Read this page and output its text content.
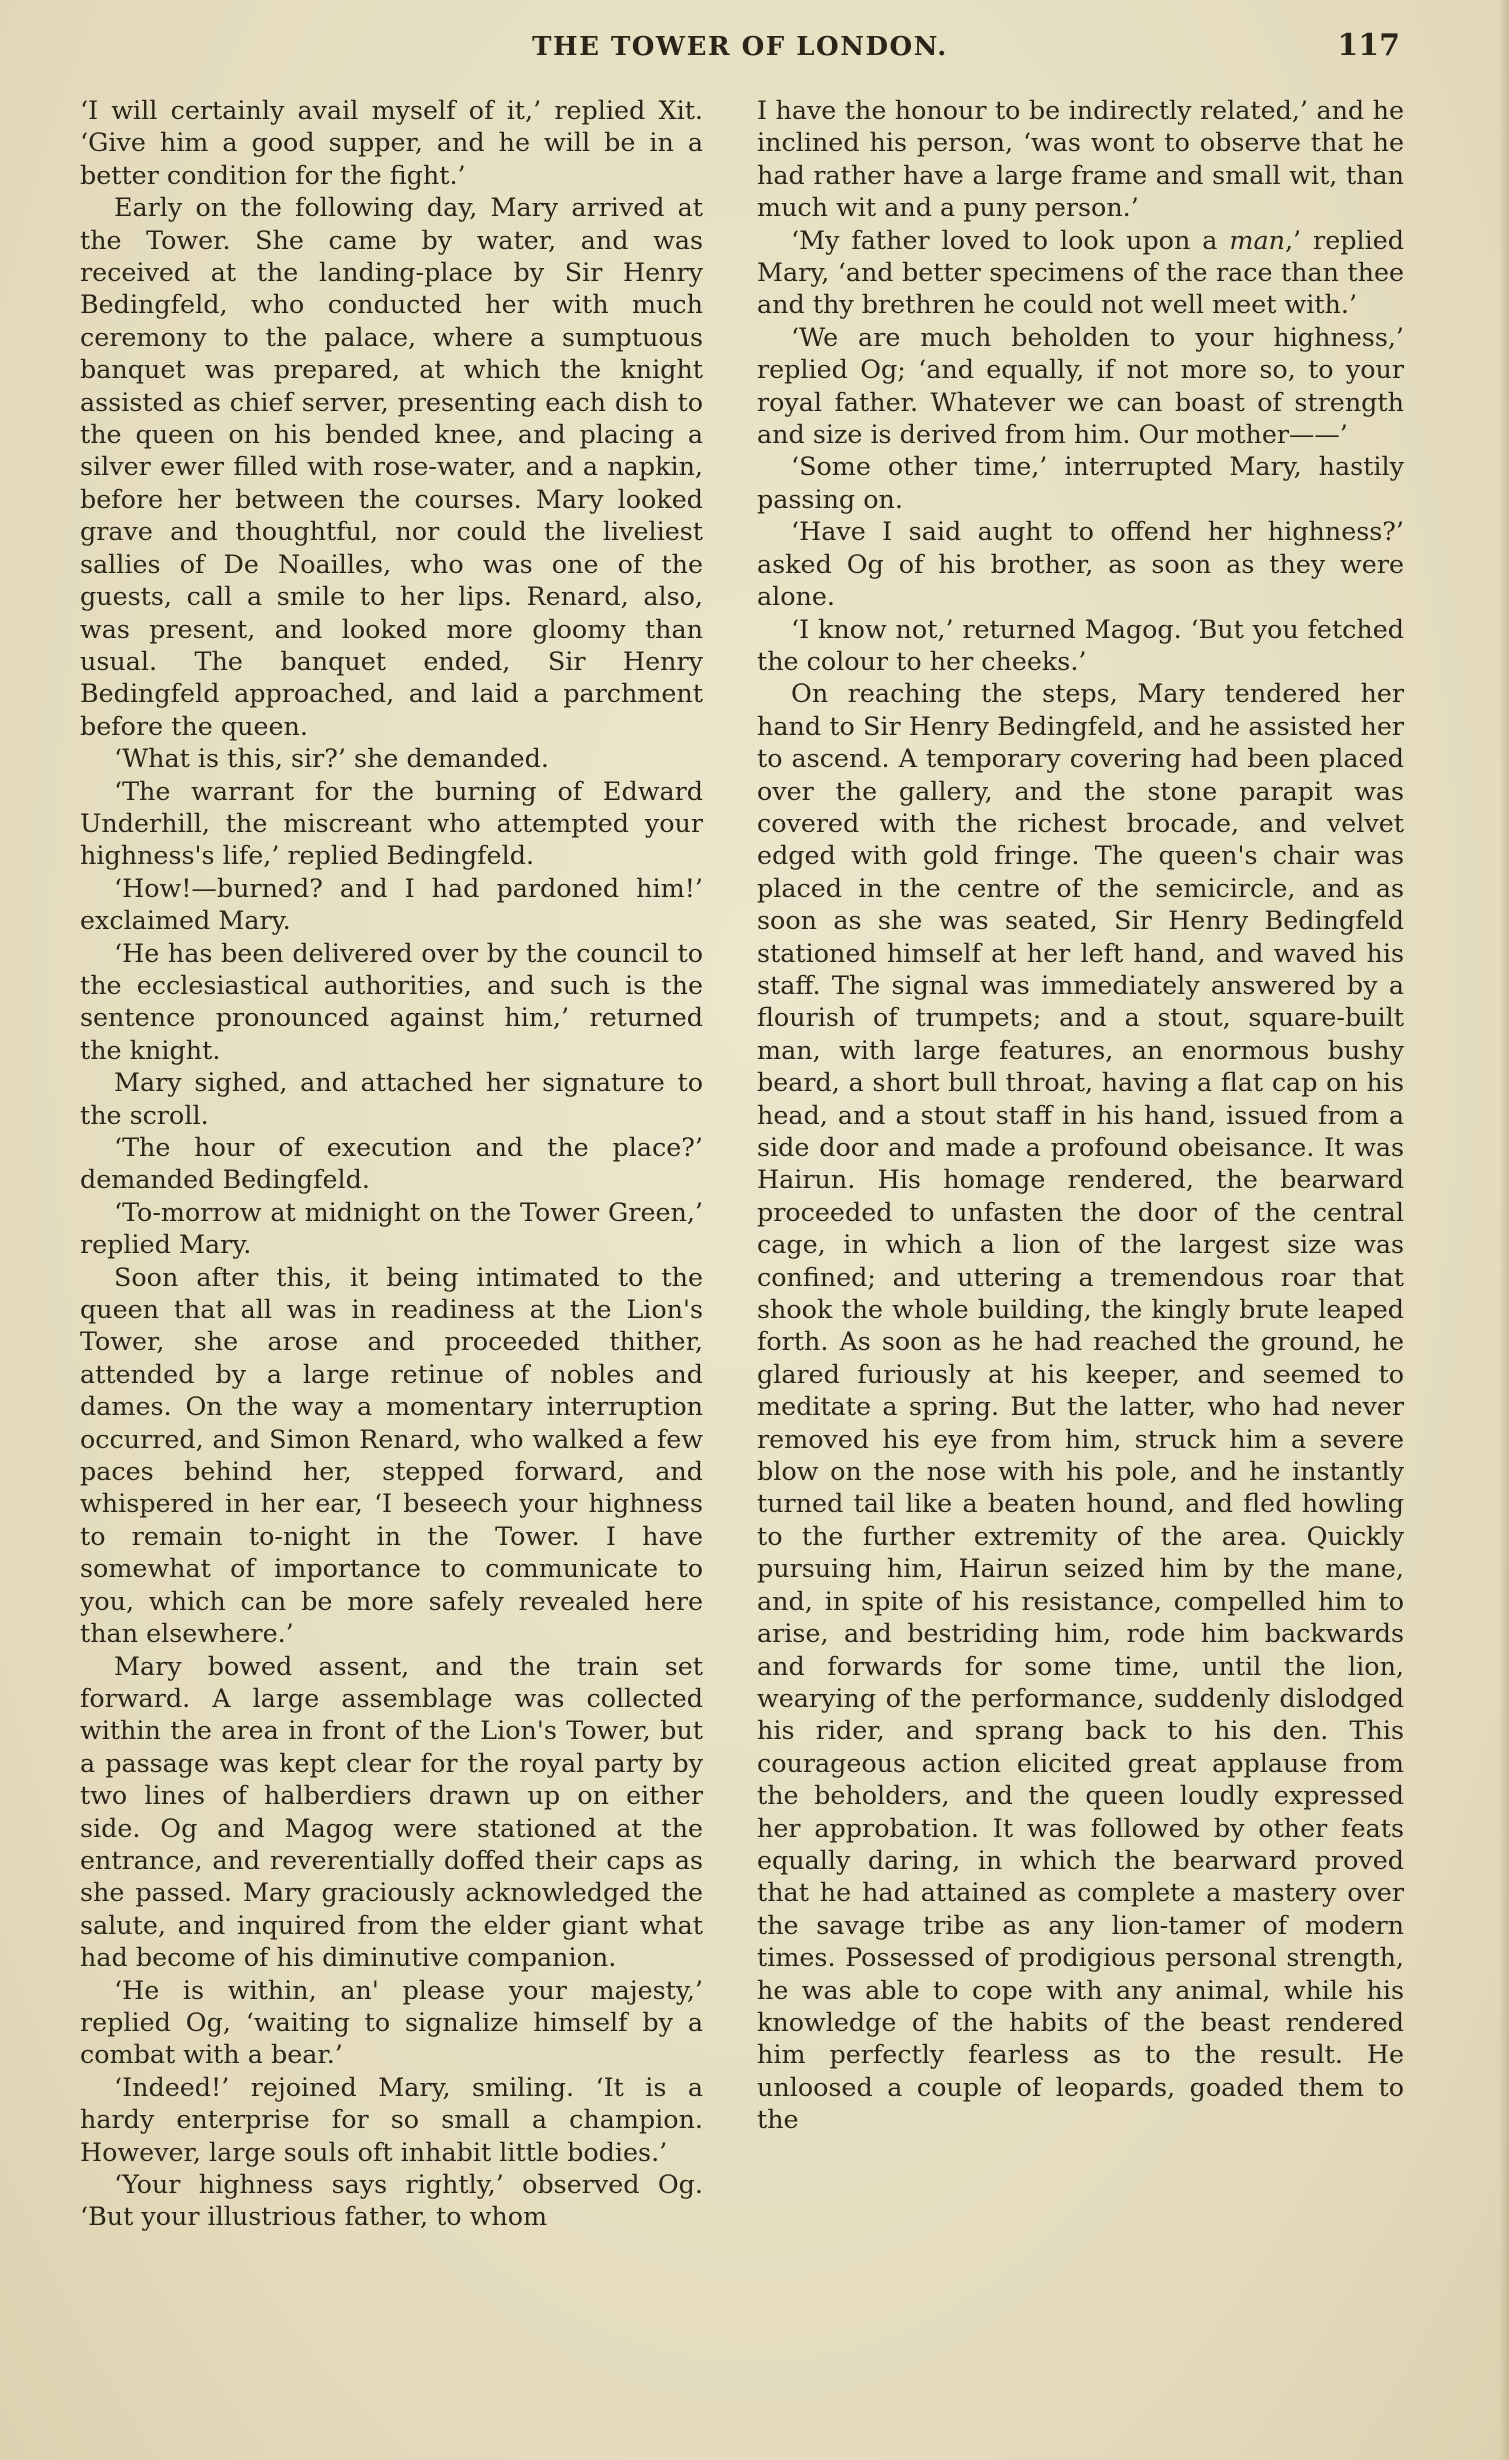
THE TOWER OF LONDON.	117

‘I will certainly avail myself of it,’ replied Xit. ‘Give him a good supper, and he will be in a better condition for the fight.’

Early on the following day, Mary arrived at the Tower. She came by water, and was received at the landing-place by Sir Henry Bedingfeld, who conducted her with much ceremony to the palace, where a sumptuous banquet was prepared, at which the knight assisted as chief server, presenting each dish to the queen on his bended knee, and placing a silver ewer filled with rose-water, and a napkin, before her between the courses. Mary looked grave and thoughtful, nor could the liveliest sallies of De Noailles, who was one of the guests, call a smile to her lips. Renard, also, was present, and looked more gloomy than usual. The banquet ended, Sir Henry Bedingfeld approached, and laid a parchment before the queen.

‘What is this, sir?’ she demanded.

‘The warrant for the burning of Edward Underhill, the miscreant who attempted your highness's life,’ replied Bedingfeld.

‘How!—burned? and I had pardoned him!’ exclaimed Mary.

‘He has been delivered over by the council to the ecclesiastical authorities, and such is the sentence pronounced against him,’ returned the knight.

Mary sighed, and attached her signature to the scroll.

‘The hour of execution and the place?’ demanded Bedingfeld.

‘To-morrow at midnight on the Tower Green,’ replied Mary.

Soon after this, it being intimated to the queen that all was in readiness at the Lion's Tower, she arose and proceeded thither, attended by a large retinue of nobles and dames. On the way a momentary interruption occurred, and Simon Renard, who walked a few paces behind her, stepped forward, and whispered in her ear, ‘I beseech your highness to remain to-night in the Tower. I have somewhat of importance to communicate to you, which can be more safely revealed here than elsewhere.’

Mary bowed assent, and the train set forward. A large assemblage was collected within the area in front of the Lion's Tower, but a passage was kept clear for the royal party by two lines of halberdiers drawn up on either side. Og and Magog were stationed at the entrance, and reverentially doffed their caps as she passed. Mary graciously acknowledged the salute, and inquired from the elder giant what had become of his diminutive companion.

‘He is within, an' please your majesty,’ replied Og, ‘waiting to signalize himself by a combat with a bear.’

‘Indeed!’ rejoined Mary, smiling. ‘It is a hardy enterprise for so small a champion. However, large souls oft inhabit little bodies.’

‘Your highness says rightly,’ observed Og. ‘But your illustrious father, to whom

I have the honour to be indirectly related,’ and he inclined his person, ‘was wont to observe that he had rather have a large frame and small wit, than much wit and a puny person.’

‘My father loved to look upon a man,’ replied Mary, ‘and better specimens of the race than thee and thy brethren he could not well meet with.’

‘We are much beholden to your highness,’ replied Og; ‘and equally, if not more so, to your royal father. Whatever we can boast of strength and size is derived from him. Our mother——’

‘Some other time,’ interrupted Mary, hastily passing on.

‘Have I said aught to offend her highness?’ asked Og of his brother, as soon as they were alone.

‘I know not,’ returned Magog. ‘But you fetched the colour to her cheeks.’

On reaching the steps, Mary tendered her hand to Sir Henry Bedingfeld, and he assisted her to ascend. A temporary covering had been placed over the gallery, and the stone parapit was covered with the richest brocade, and velvet edged with gold fringe. The queen's chair was placed in the centre of the semicircle, and as soon as she was seated, Sir Henry Bedingfeld stationed himself at her left hand, and waved his staff. The signal was immediately answered by a flourish of trumpets; and a stout, square-built man, with large features, an enormous bushy beard, a short bull throat, having a flat cap on his head, and a stout staff in his hand, issued from a side door and made a profound obeisance. It was Hairun. His homage rendered, the bearward proceeded to unfasten the door of the central cage, in which a lion of the largest size was confined; and uttering a tremendous roar that shook the whole building, the kingly brute leaped forth. As soon as he had reached the ground, he glared furiously at his keeper, and seemed to meditate a spring. But the latter, who had never removed his eye from him, struck him a severe blow on the nose with his pole, and he instantly turned tail like a beaten hound, and fled howling to the further extremity of the area. Quickly pursuing him, Hairun seized him by the mane, and, in spite of his resistance, compelled him to arise, and bestriding him, rode him backwards and forwards for some time, until the lion, wearying of the performance, suddenly dislodged his rider, and sprang back to his den. This courageous action elicited great applause from the beholders, and the queen loudly expressed her approbation. It was followed by other feats equally daring, in which the bearward proved that he had attained as complete a mastery over the savage tribe as any lion-tamer of modern times. Possessed of prodigious personal strength, he was able to cope with any animal, while his knowledge of the habits of the beast rendered him perfectly fearless as to the result. He unloosed a couple of leopards, goaded them to the
